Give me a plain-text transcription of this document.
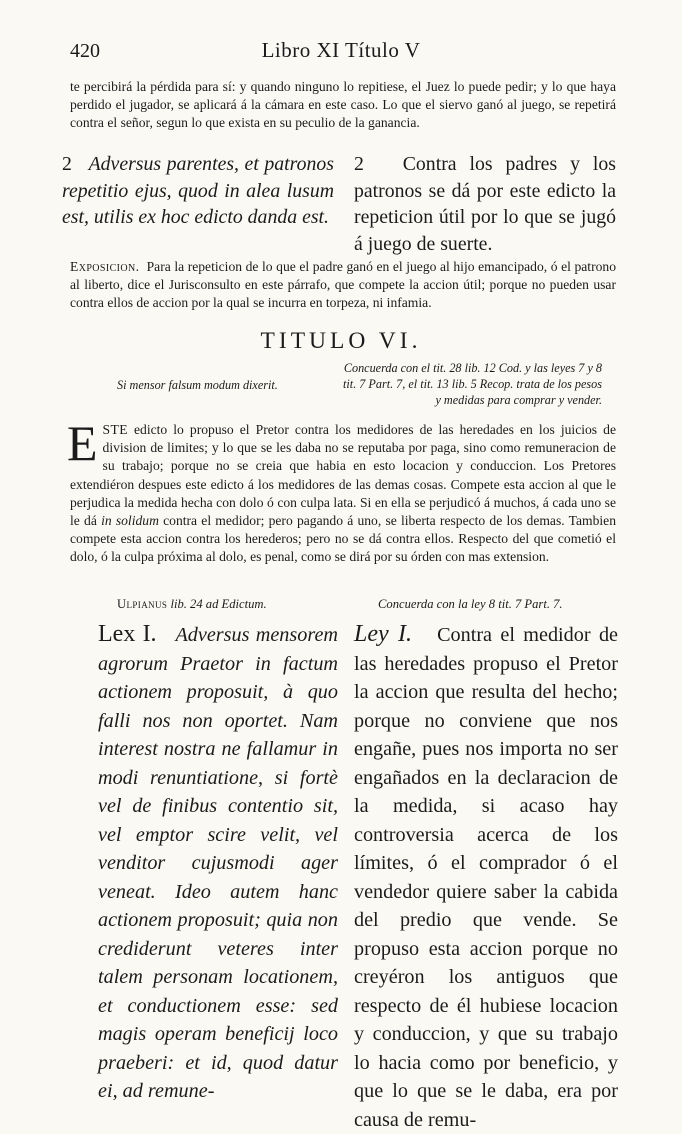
420	Libro XI Título V
te percibirá la pérdida para sí: y quando ninguno lo repitiese, el Juez lo puede pedir; y lo que haya perdido el jugador, se aplicará á la cámara en este caso. Lo que el siervo ganó al juego, se repetirá contra el señor, segun lo que exista en su peculio de la ganancia.
2 Adversus parentes, et patronos repetitio ejus, quod in alea lusum est, utilis ex hoc edicto danda est.
2 Contra los padres y los patronos se dá por este edicto la repeticion útil por lo que se jugó á juego de suerte.
Exposicion. Para la repeticion de lo que el padre ganó en el juego al hijo emancipado, ó el patrono al liberto, dice el Jurisconsulto en este párrafo, que compete la accion útil; porque no pueden usar contra ellos de accion por la qual se incurra en torpeza, ni infamia.
TITULO VI.
Si mensor falsum modum dixerit.
Concuerda con el tit. 28 lib. 12 Cod. y las leyes 7 y 8 tit. 7 Part. 7, el tit. 13 lib. 5 Recop. trata de los pesos y medidas para comprar y vender.
ESTE edicto lo propuso el Pretor contra los medidores de las heredades en los juicios de division de limites; y lo que se les daba no se reputaba por paga, sino como remuneracion de su trabajo; porque no se creia que habia en esto locacion y conduccion. Los Pretores extendiéron despues este edicto á los medidores de las demas cosas. Compete esta accion al que le perjudica la medida hecha con dolo ó con culpa lata. Si en ella se perjudicó á muchos, á cada uno se le dá in solidum contra el medidor; pero pagando á uno, se liberta respecto de los demas. Tambien compete esta accion contra los herederos; pero no se dá contra ellos. Respecto del que cometió el dolo, ó la culpa próxima al dolo, es penal, como se dirá por su órden con mas extension.
Ulpianus lib. 24 ad Edictum.	Concuerda con la ley 8 tit. 7 Part. 7.
Lex I. Adversus mensorem agrorum Praetor in factum actionem proposuit, à quo falli nos non oportet. Nam interest nostra ne fallamur in modi renuntiatione, si fortè vel de finibus contentio sit, vel emptor scire velit, vel venditor cujusmodi ager veneat. Ideo autem hanc actionem proposuit; quia non crediderunt veteres inter talem personam locationem, et conductionem esse: sed magis operam beneficij loco praeberi: et id, quod datur ei, ad remune-
Ley I. Contra el medidor de las heredades propuso el Pretor la accion que resulta del hecho; porque no conviene que nos engañe, pues nos importa no ser engañados en la declaracion de la medida, si acaso hay controversia acerca de los límites, ó el comprador ó el vendedor quiere saber la cabida del predio que vende. Se propuso esta accion porque no creyéron los antiguos que respecto de él hubiese locacion y conduccion, y que su trabajo lo hacia como por beneficio, y que lo que se le daba, era por causa de remu-
